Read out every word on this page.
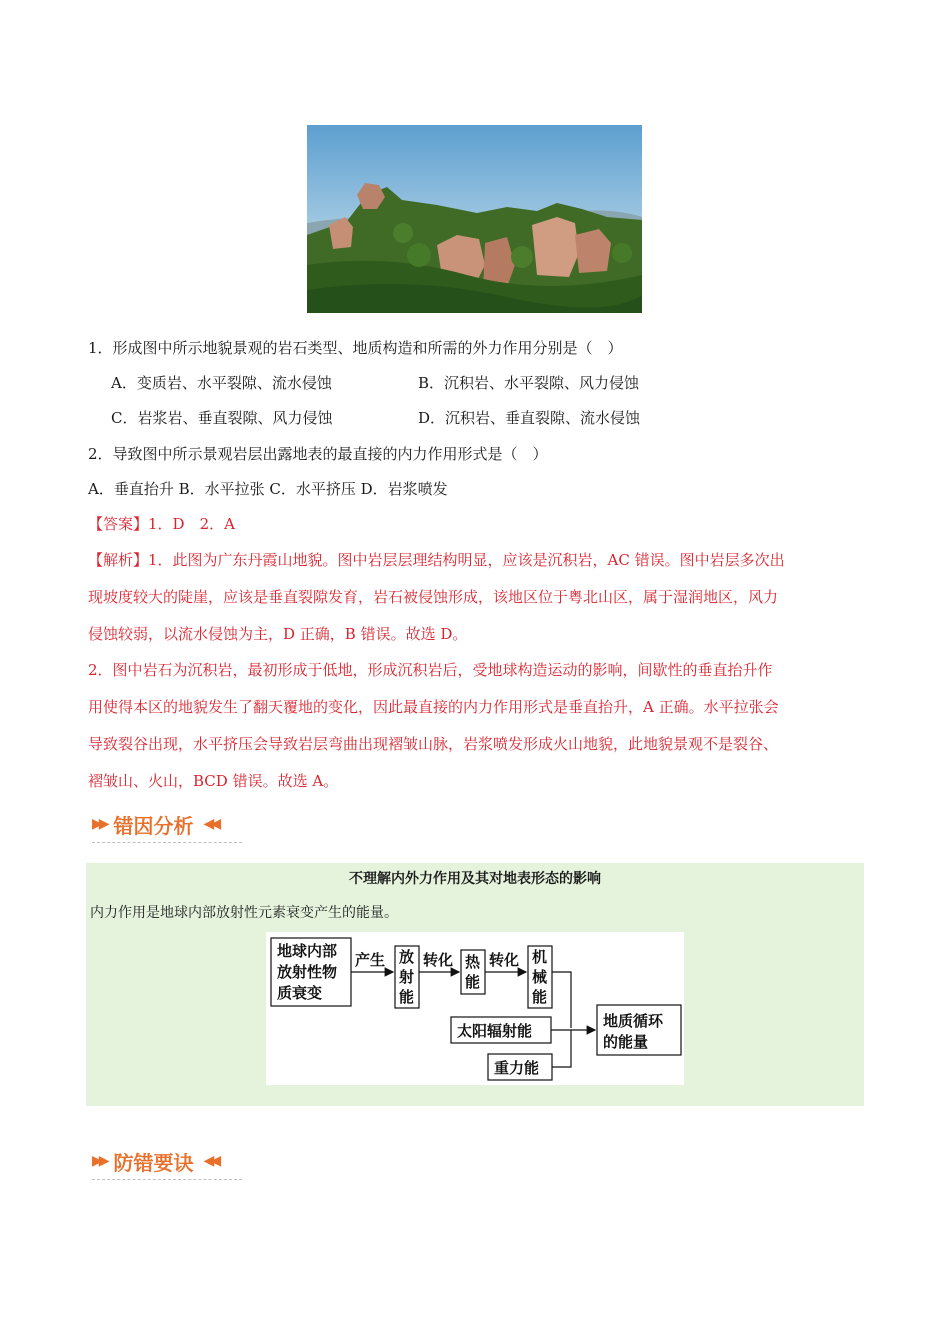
1．形成图中所示地貌景观的岩石类型、地质构造和所需的外力作用分别是（　）
A．变质岩、水平裂隙、流水侵蚀	B．沉积岩、水平裂隙、风力侵蚀
C．岩浆岩、垂直裂隙、风力侵蚀	D．沉积岩、垂直裂隙、流水侵蚀
2．导致图中所示景观岩层出露地表的最直接的内力作用形式是（　）
A．垂直抬升 B．水平拉张 C．水平挤压 D．岩浆喷发
【答案】1．D　2．A
【解析】1．此图为广东丹霞山地貌。图中岩层层理结构明显，应该是沉积岩，AC 错误。图中岩层多次出
现坡度较大的陡崖，应该是垂直裂隙发育，岩石被侵蚀形成，该地区位于粤北山区，属于湿润地区，风力
侵蚀较弱，以流水侵蚀为主，D 正确，B 错误。故选 D。
2．图中岩石为沉积岩，最初形成于低地，形成沉积岩后，受地球构造运动的影响，间歇性的垂直抬升作
用使得本区的地貌发生了翻天覆地的变化，因此最直接的内力作用形式是垂直抬升，A 正确。水平拉张会
导致裂谷出现，水平挤压会导致岩层弯曲出现褶皱山脉，岩浆喷发形成火山地貌，此地貌景观不是裂谷、
褶皱山、火山，BCD 错误。故选 A。
▶▶ 错因分析 ◀◀
不理解内外力作用及其对地表形态的影响
内力作用是地球内部放射性元素衰变产生的能量。
地球内部
放射性物
质衰变
产生 放
射
能
转化 热
能
转化 机
械
能
太阳辐射能
重力能
地质循环
的能量
▶▶ 防错要诀 ◀◀
